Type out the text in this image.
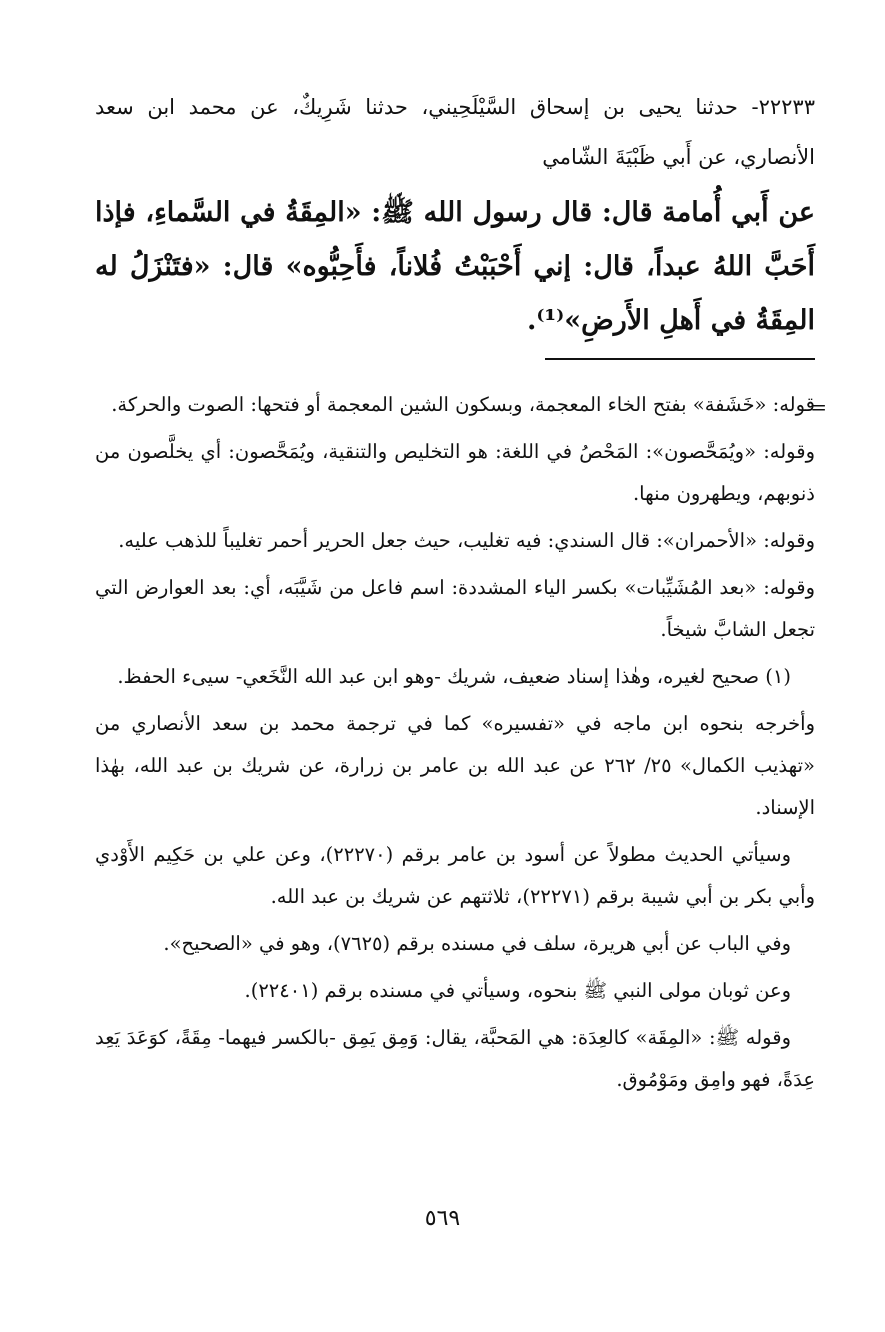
٢٢٢٣٣- حدثنا يحيى بن إسحاق السَّيْلَحِيني، حدثنا شَرِيكٌ، عن محمد ابن سعد الأنصاري، عن أَبي ظَبْيَةَ الشّامي
عن أَبي أُمامة قال: قال رسول الله ﷺ: «المِقَةُ في السَّماءِ، فإذا أَحَبَّ اللهُ عبداً، قال: إني أَحْبَبْتُ فُلاناً، فأَحِبُّوه» قال: «فتَنْزَلُ له المِقَةُ في أَهلِ الأَرضِ»⁽¹⁾.
=

قوله: «خَشَفة» بفتح الخاء المعجمة، وبسكون الشين المعجمة أو فتحها: الصوت والحركة.

وقوله: «ويُمَحَّصون»: المَحْصُ في اللغة: هو التخليص والتنقية، ويُمَحَّصون: أي يخلَّصون من ذنوبهم، ويطهرون منها.

وقوله: «الأحمران»: قال السندي: فيه تغليب، حيث جعل الحرير أحمر تغليباً للذهب عليه.

وقوله: «بعد المُشَيِّبات» بكسر الياء المشددة: اسم فاعل من شَيَّبَه، أي: بعد العوارض التي تجعل الشابَّ شيخاً.

(١) صحيح لغيره، وهٰذا إسناد ضعيف، شريك -وهو ابن عبد الله النَّخَعي- سيىء الحفظ.

وأخرجه بنحوه ابن ماجه في «تفسيره» كما في ترجمة محمد بن سعد الأنصاري من «تهذيب الكمال» ٢٥/ ٢٦٢ عن عبد الله بن عامر بن زرارة، عن شريك بن عبد الله، بهٰذا الإسناد.

وسيأتي الحديث مطولاً عن أسود بن عامر برقم (٢٢٢٧٠)، وعن علي بن حَكِيم الأَوْدي وأبي بكر بن أبي شيبة برقم (٢٢٢٧١)، ثلاثتهم عن شريك بن عبد الله.

وفي الباب عن أبي هريرة، سلف في مسنده برقم (٧٦٢٥)، وهو في «الصحيح».

وعن ثوبان مولى النبي ﷺ بنحوه، وسيأتي في مسنده برقم (٢٢٤٠١).

وقوله ﷺ: «المِقَة» كالعِدَة: هي المَحبَّة، يقال: وَمِق يَمِق -بالكسر فيهما- مِقَةً، كوَعَدَ يَعِد عِدَةً، فهو وامِق ومَوْمُوق.

٥٦٩
